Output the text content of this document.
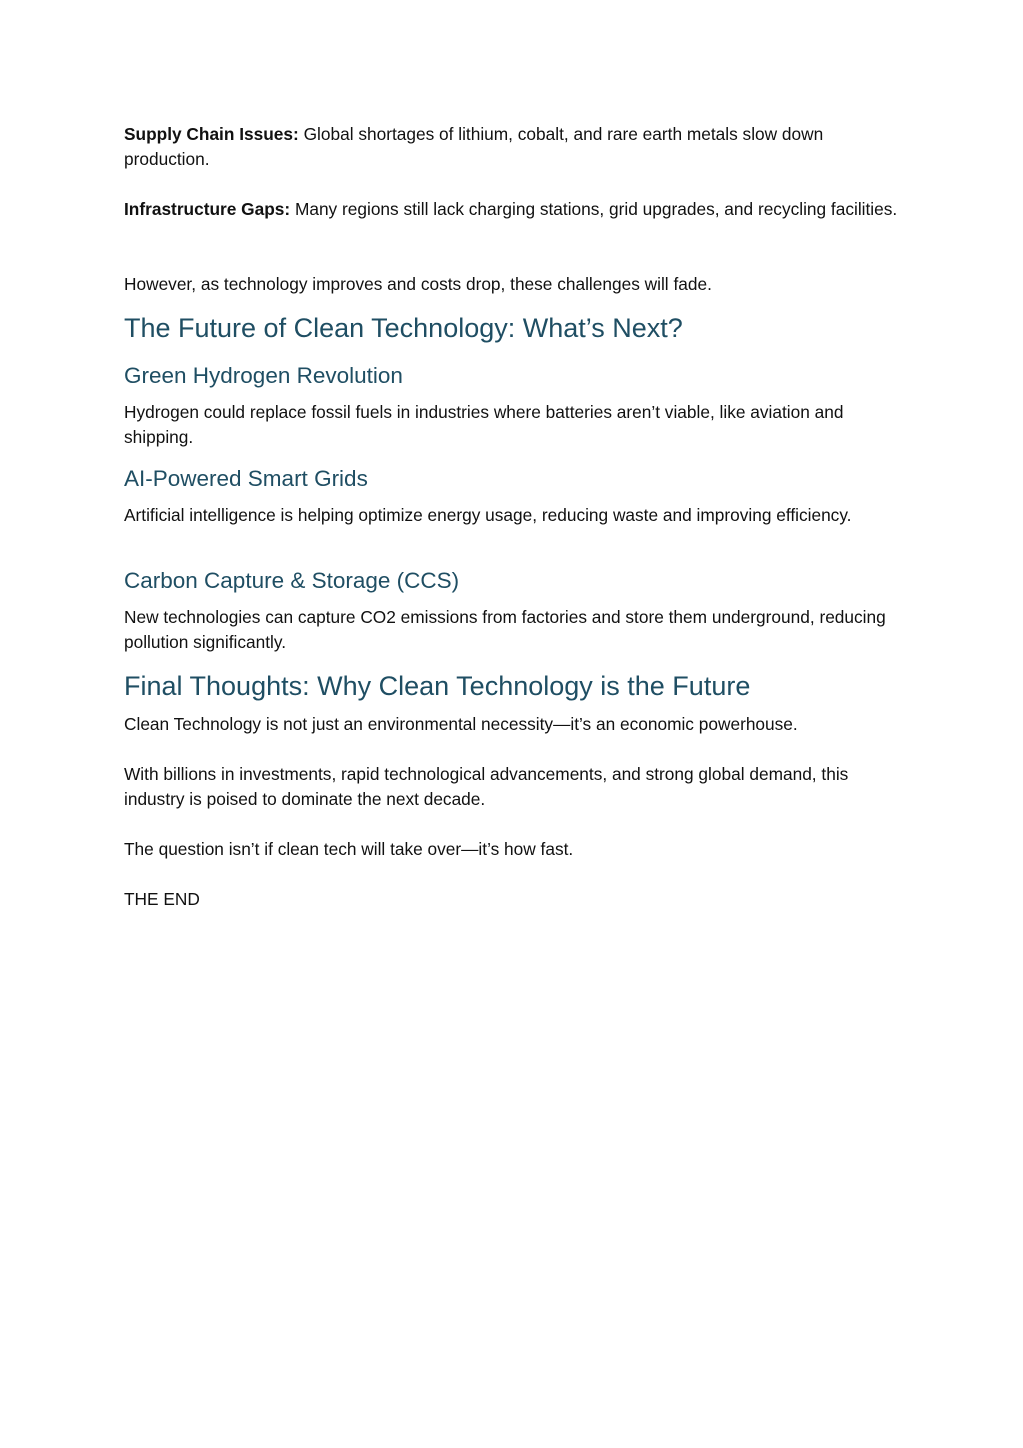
Supply Chain Issues: Global shortages of lithium, cobalt, and rare earth metals slow down production.

Infrastructure Gaps: Many regions still lack charging stations, grid upgrades, and recycling facilities.

However, as technology improves and costs drop, these challenges will fade.

The Future of Clean Technology: What’s Next?
Green Hydrogen Revolution

Hydrogen could replace fossil fuels in industries where batteries aren’t viable, like aviation and shipping.

AI-Powered Smart Grids

Artificial intelligence is helping optimize energy usage, reducing waste and improving efficiency.

Carbon Capture & Storage (CCS)

New technologies can capture CO2 emissions from factories and store them underground, reducing pollution significantly.

Final Thoughts: Why Clean Technology is the Future

Clean Technology is not just an environmental necessity—it’s an economic powerhouse.

With billions in investments, rapid technological advancements, and strong global demand, this industry is poised to dominate the next decade.

The question isn’t if clean tech will take over—it’s how fast.

THE END
